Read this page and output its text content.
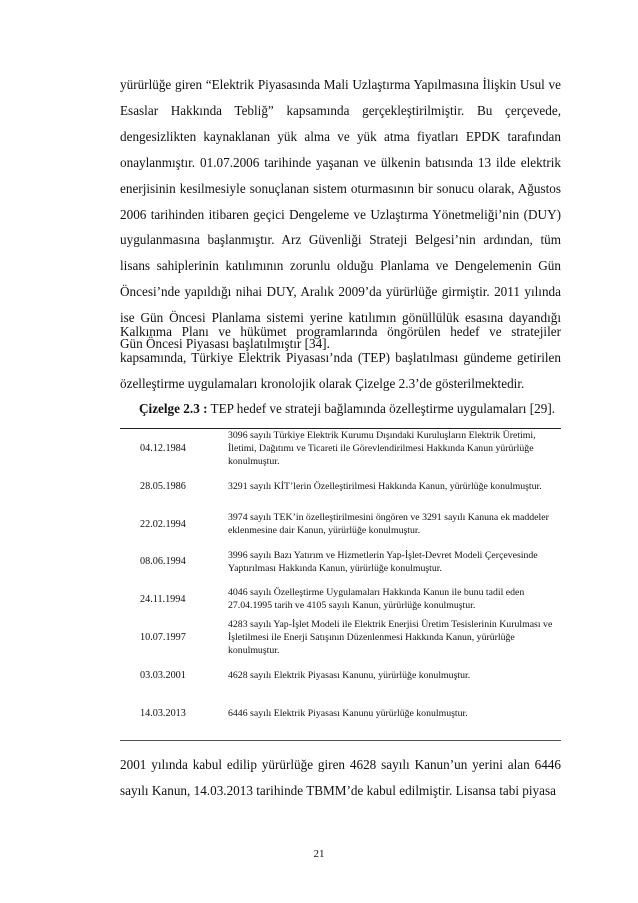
yürürlüğe giren “Elektrik Piyasasında Mali Uzlaştırma Yapılmasına İlişkin Usul ve Esaslar Hakkında Tebliğ” kapsamında gerçekleştirilmiştir. Bu çerçevede, dengesizlikten kaynaklanan yük alma ve yük atma fiyatları EPDK tarafından onaylanmıştır. 01.07.2006 tarihinde yaşanan ve ülkenin batısında 13 ilde elektrik enerjisinin kesilmesiyle sonuçlanan sistem oturmasının bir sonucu olarak, Ağustos 2006 tarihinden itibaren geçici Dengeleme ve Uzlaştırma Yönetmeliği’nin (DUY) uygulanmasına başlanmıştır. Arz Güvenliği Strateji Belgesi’nin ardından, tüm lisans sahiplerinin katılımının zorunlu olduğu Planlama ve Dengelemenin Gün Öncesi’nde yapıldığı nihai DUY, Aralık 2009’da yürürlüğe girmiştir. 2011 yılında ise Gün Öncesi Planlama sistemi yerine katılımın gönüllülük esasına dayandığı Gün Öncesi Piyasası başlatılmıştır [34].

Kalkınma Planı ve hükümet programlarında öngörülen hedef ve stratejiler kapsamında, Türkiye Elektrik Piyasası’nda (TEP) başlatılması gündeme getirilen özelleştirme uygulamaları kronolojik olarak Çizelge 2.3’de gösterilmektedir.

Çizelge 2.3 : TEP hedef ve strateji bağlamında özelleştirme uygulamaları [29].

04.12.1984	3096 sayılı Türkiye Elektrik Kurumu Dışındaki Kuruluşların Elektrik Üretimi, İletimi, Dağıtımı ve Ticareti ile Görevlendirilmesi Hakkında Kanun yürürlüğe konulmuştur.
28.05.1986	3291 sayılı KİT’lerin Özelleştirilmesi Hakkında Kanun, yürürlüğe konulmuştur.
22.02.1994	3974 sayılı TEK’in özelleştirilmesini öngören ve 3291 sayılı Kanuna ek maddeler eklenmesine dair Kanun, yürürlüğe konulmuştur.
08.06.1994	3996 sayılı Bazı Yatırım ve Hizmetlerin Yap-İşlet-Devret Modeli Çerçevesinde Yaptırılması Hakkında Kanun, yürürlüğe konulmuştur.
24.11.1994	4046 sayılı Özelleştirme Uygulamaları Hakkında Kanun ile bunu tadil eden 27.04.1995 tarih ve 4105 sayılı Kanun, yürürlüğe konulmuştur.
10.07.1997	4283 sayılı Yap-İşlet Modeli ile Elektrik Enerjisi Üretim Tesislerinin Kurulması ve İşletilmesi ile Enerji Satışının Düzenlenmesi Hakkında Kanun, yürürlüğe konulmuştur.
03.03.2001	4628 sayılı Elektrik Piyasası Kanunu, yürürlüğe konulmuştur.
14.03.2013	6446 sayılı Elektrik Piyasası Kanunu yürürlüğe konulmuştur.

2001 yılında kabul edilip yürürlüğe giren 4628 sayılı Kanun’un yerini alan 6446 sayılı Kanun, 14.03.2013 tarihinde TBMM’de kabul edilmiştir. Lisansa tabi piyasa

21
